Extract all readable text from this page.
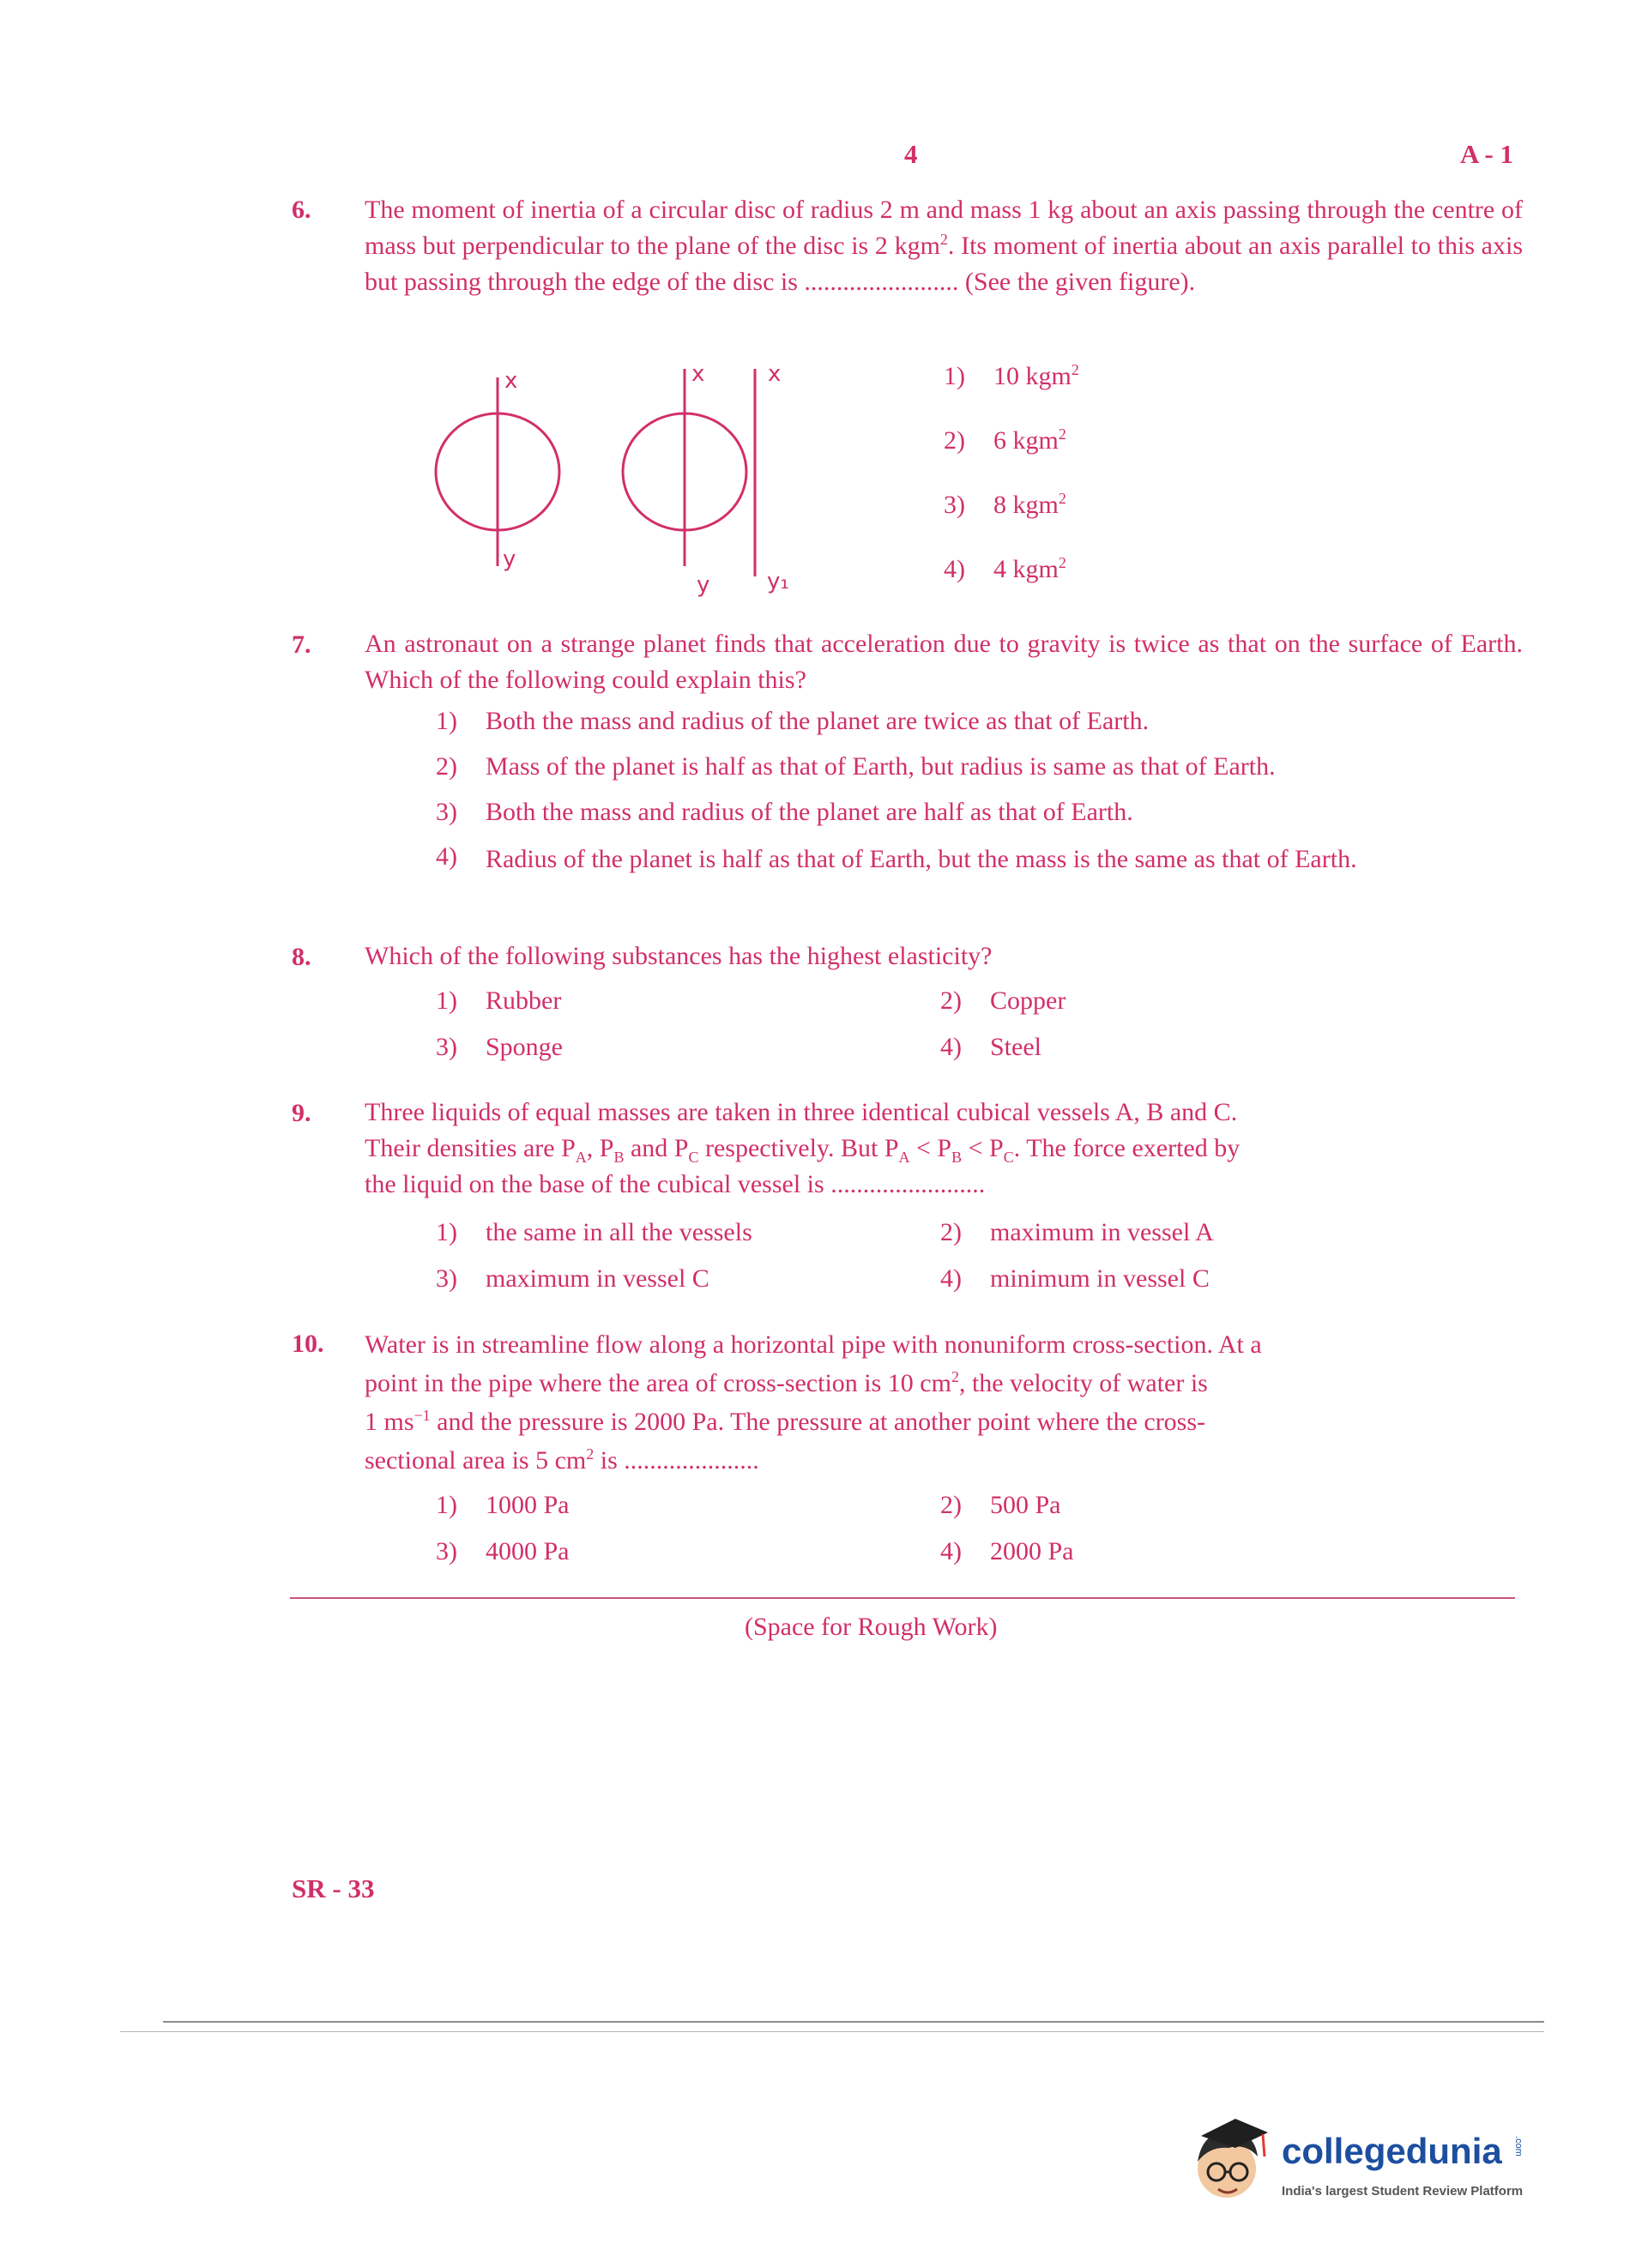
4	A - 1
6. The moment of inertia of a circular disc of radius 2 m and mass 1 kg about an axis passing through the centre of mass but perpendicular to the plane of the disc is 2 kgm$^2$. Its moment of inertia about an axis parallel to this axis but passing through the edge of the disc is ........................ (See the given figure).
x
y
x
y
x
y₁
1) 10 kgm$^2$
2) 6 kgm$^2$
3) 8 kgm$^2$
4) 4 kgm$^2$
7. An astronaut on a strange planet finds that acceleration due to gravity is twice as that on the surface of Earth. Which of the following could explain this?
1) Both the mass and radius of the planet are twice as that of Earth.
2) Mass of the planet is half as that of Earth, but radius is same as that of Earth.
3) Both the mass and radius of the planet are half as that of Earth.
4)	Radius of the planet is half as that of Earth, but the mass is the same as that of Earth.
8. Which of the following substances has the highest elasticity?
1) Rubber	2) Copper
3) Sponge	4) Steel
9. Three liquids of equal masses are taken in three identical cubical vessels A, B and C.
Their densities are $P_A$, $P_B$ and $P_C$ respectively. But $P_A < P_B < P_C$. The force exerted by
the liquid on the base of the cubical vessel is ........................
1) the same in all the vessels	2) maximum in vessel A
3) maximum in vessel C	4) minimum in vessel C
10. Water is in streamline flow along a horizontal pipe with nonuniform cross-section. At a
point in the pipe where the area of cross-section is 10 $cm^2$, the velocity of water is
1 $ms^{-1}$ and the pressure is 2000 Pa. The pressure at another point where the cross-
sectional area is 5 $cm^2$ is .....................
1) 1000 Pa	2) 500 Pa
3) 4000 Pa	4) 2000 Pa
(Space for Rough Work)
SR - 33
collegedunia .com
India's largest Student Review Platform
